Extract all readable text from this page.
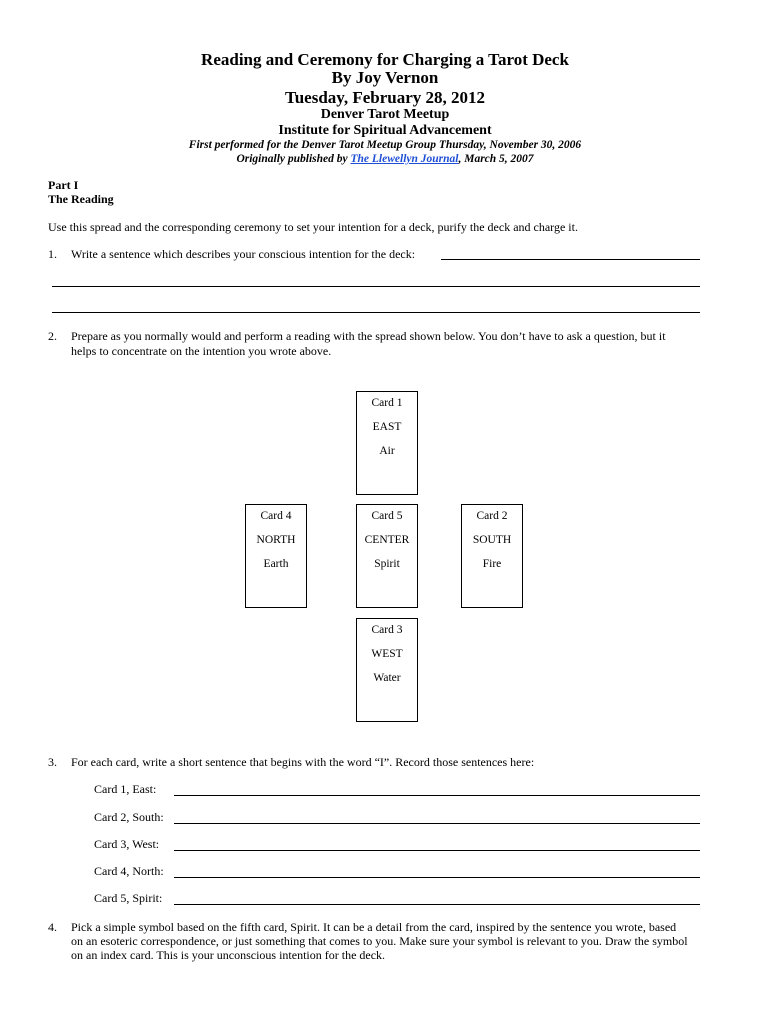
Reading and Ceremony for Charging a Tarot Deck
By Joy Vernon
Tuesday, February 28, 2012
Denver Tarot Meetup
Institute for Spiritual Advancement
First performed for the Denver Tarot Meetup Group Thursday, November 30, 2006
Originally published by The Llewellyn Journal, March 5, 2007
Part I
The Reading
Use this spread and the corresponding ceremony to set your intention for a deck, purify the deck and charge it.
1. Write a sentence which describes your conscious intention for the deck:
2. Prepare as you normally would and perform a reading with the spread shown below. You don’t have to ask a question, but it
helps to concentrate on the intention you wrote above.
Card 1
EAST
Air
Card 4
NORTH
Earth
Card 5
CENTER
Spirit
Card 2
SOUTH
Fire
Card 3
WEST
Water
3. For each card, write a short sentence that begins with the word “I”. Record those sentences here:
Card 1, East:
Card 2, South:
Card 3, West:
Card 4, North:
Card 5, Spirit:
4. Pick a simple symbol based on the fifth card, Spirit. It can be a detail from the card, inspired by the sentence you wrote, based
on an esoteric correspondence, or just something that comes to you. Make sure your symbol is relevant to you. Draw the symbol
on an index card. This is your unconscious intention for the deck.
